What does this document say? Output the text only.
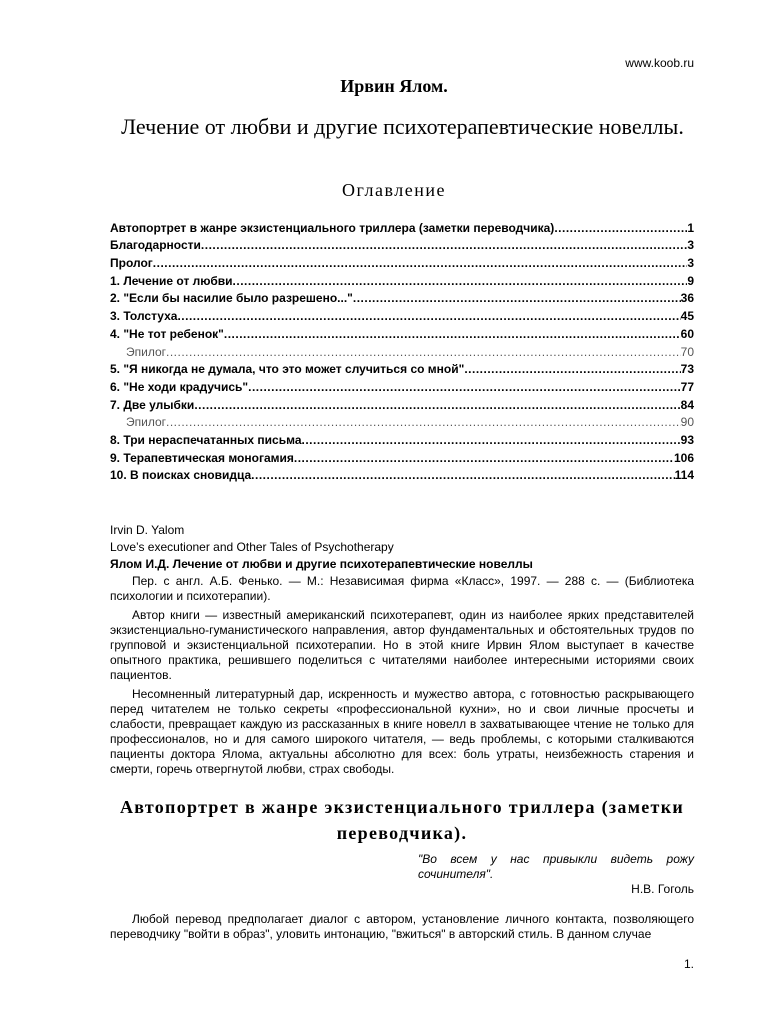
www.koob.ru
Ирвин Ялом.
Лечение от любви и другие психотерапевтические новеллы.
Оглавление
Автопортрет в жанре экзистенциального триллера (заметки переводчика) .....	1
Благодарности .....	3
Пролог .....	3
1. Лечение от любви .....	9
2. "Если бы насилие было разрешено..." .....	36
3. Толстуха .....	45
4. "Не тот ребенок" .....	60
Эпилог .....	70
5. "Я никогда не думала, что это может случиться со мной" .....	73
6. "Не ходи крадучись" .....	77
7. Две улыбки .....	84
Эпилог .....	90
8. Три нераспечатанных письма .....	93
9. Терапевтическая моногамия .....	106
10. В поисках сновидца .....	114

Irvin D. Yalom

Love’s executioner and Other Tales of Psychotherapy

Ялом И.Д. Лечение от любви и другие психотерапевтические новеллы

Пер. с англ. А.Б. Фенько. — М.: Независимая фирма «Класс», 1997. — 288 с. — (Библиотека психологии и психотерапии).

Автор книги — известный американский психотерапевт, один из наиболее ярких представителей экзистенциально-гуманистического направления, автор фундаментальных и обстоятельных трудов по групповой и экзистенциальной психотерапии. Но в этой книге Ирвин Ялом выступает в качестве опытного практика, решившего поделиться с читателями наиболее интересными историями своих пациентов.

Несомненный литературный дар, искренность и мужество автора, с готовностью раскрывающего перед читателем не только секреты «профессиональной кухни», но и свои личные просчеты и слабости, превращает каждую из рассказанных в книге новелл в захватывающее чтение не только для профессионалов, но и для самого широкого читателя, — ведь проблемы, с которыми сталкиваются пациенты доктора Ялома, актуальны абсолютно для всех: боль утраты, неизбежность старения и смерти, горечь отвергнутой любви, страх свободы.

Автопортрет в жанре экзистенциального триллера (заметки переводчика).
"Во всем у нас привыкли видеть рожу сочинителя".
Н.В. Гоголь

Любой перевод предполагает диалог с автором, установление личного контакта, позволяющего переводчику "войти в образ", уловить интонацию, "вжиться" в авторский стиль. В данном случае

1.
